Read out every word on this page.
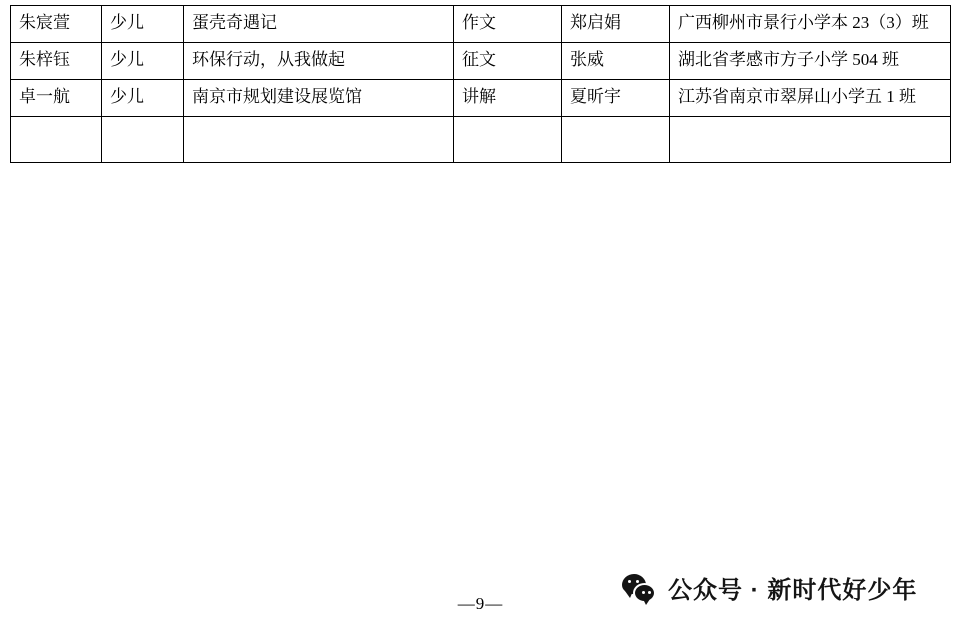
朱宸萱	少儿	蛋壳奇遇记	作文	郑启娟	广西柳州市景行小学本 23（3）班
朱梓钰	少儿	环保行动，从我做起	征文	张威	湖北省孝感市方子小学 504 班
卓一航	少儿	南京市规划建设展览馆	讲解	夏昕宇	江苏省南京市翠屏山小学五 1 班

—9—	公众号 · 新时代好少年
